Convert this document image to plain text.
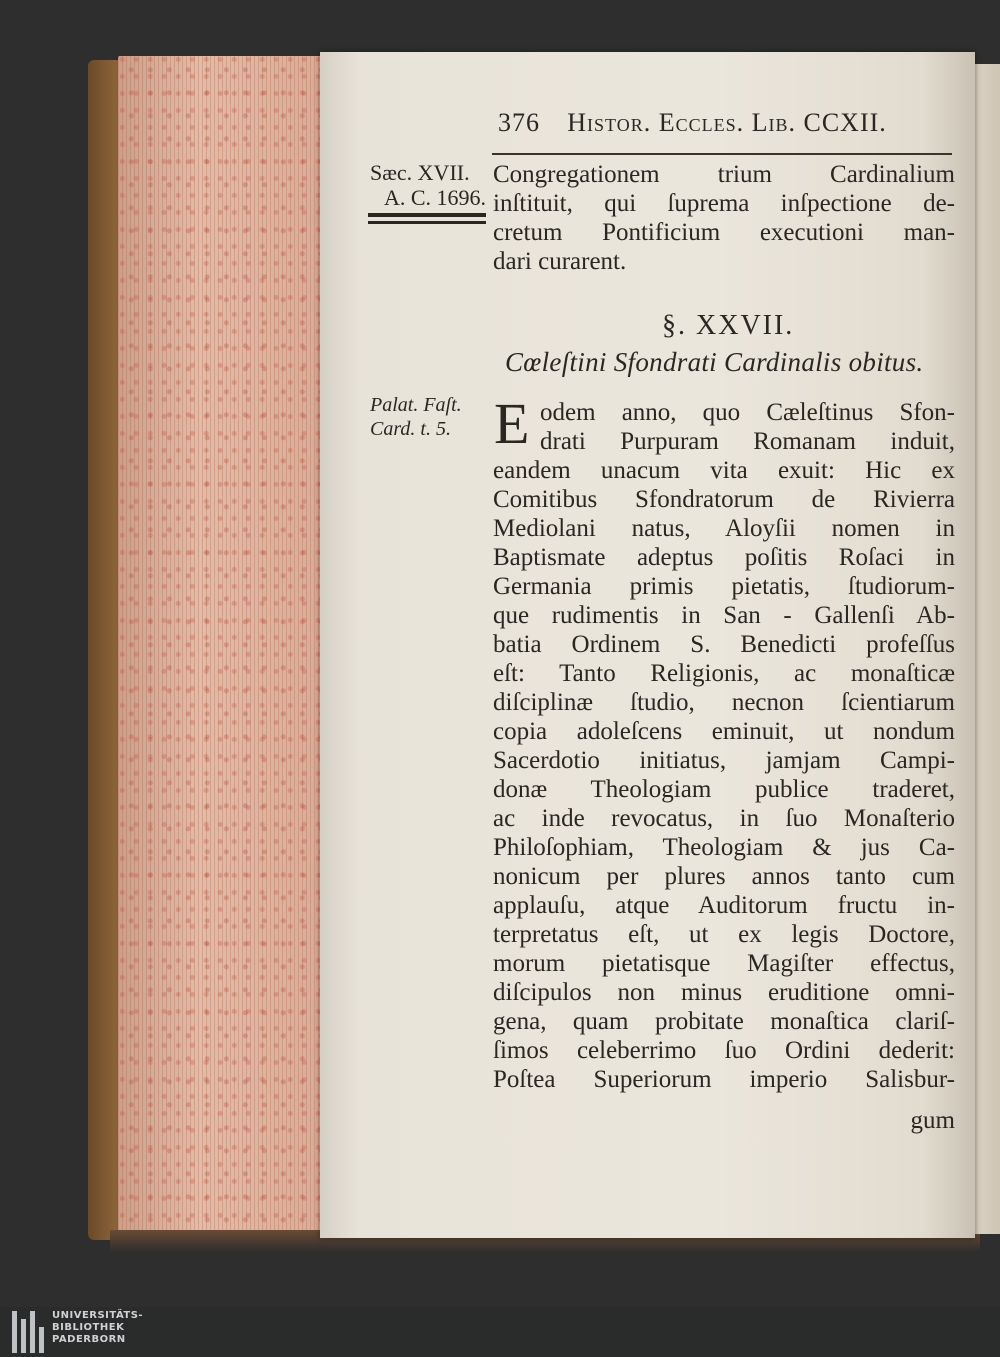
376 Histor. Eccles. Lib. CCXII.
Sæc. XVII.
A. C. 1696.
Palat. Faſt.
Card. t. 5.
Congregationem trium Cardinalium
inſtituit, qui ſuprema inſpectione de-
cretum Pontificium executioni man-
dari curarent.
§. XXVII.
Cœleſtini Sfondrati Cardinalis obitus.
E odem anno, quo Cæleſtinus Sfon-
drati Purpuram Romanam induit,
eandem unacum vita exuit: Hic ex
Comitibus Sfondratorum de Rivierra
Mediolani natus, Aloyſii nomen in
Baptismate adeptus poſitis Roſaci in
Germania primis pietatis, ſtudiorum-
que rudimentis in San - Gallenſi Ab-
batia Ordinem S. Benedicti profeſſus
eſt: Tanto Religionis, ac monaſticæ
diſciplinæ ſtudio, necnon ſcientiarum
copia adoleſcens eminuit, ut nondum
Sacerdotio initiatus, jamjam Campi-
donæ Theologiam publice traderet,
ac inde revocatus, in ſuo Monaſterio
Philoſophiam, Theologiam & jus Ca-
nonicum per plures annos tanto cum
applauſu, atque Auditorum fructu in-
terpretatus eſt, ut ex legis Doctore,
morum pietatisque Magiſter effectus,
diſcipulos non minus eruditione omni-
gena, quam probitate monaſtica clariſ-
ſimos celeberrimo ſuo Ordini dederit:
Poſtea Superiorum imperio Salisbur-
gum
UNIVERSITÄTS-
BIBLIOTHEK
PADERBORN
